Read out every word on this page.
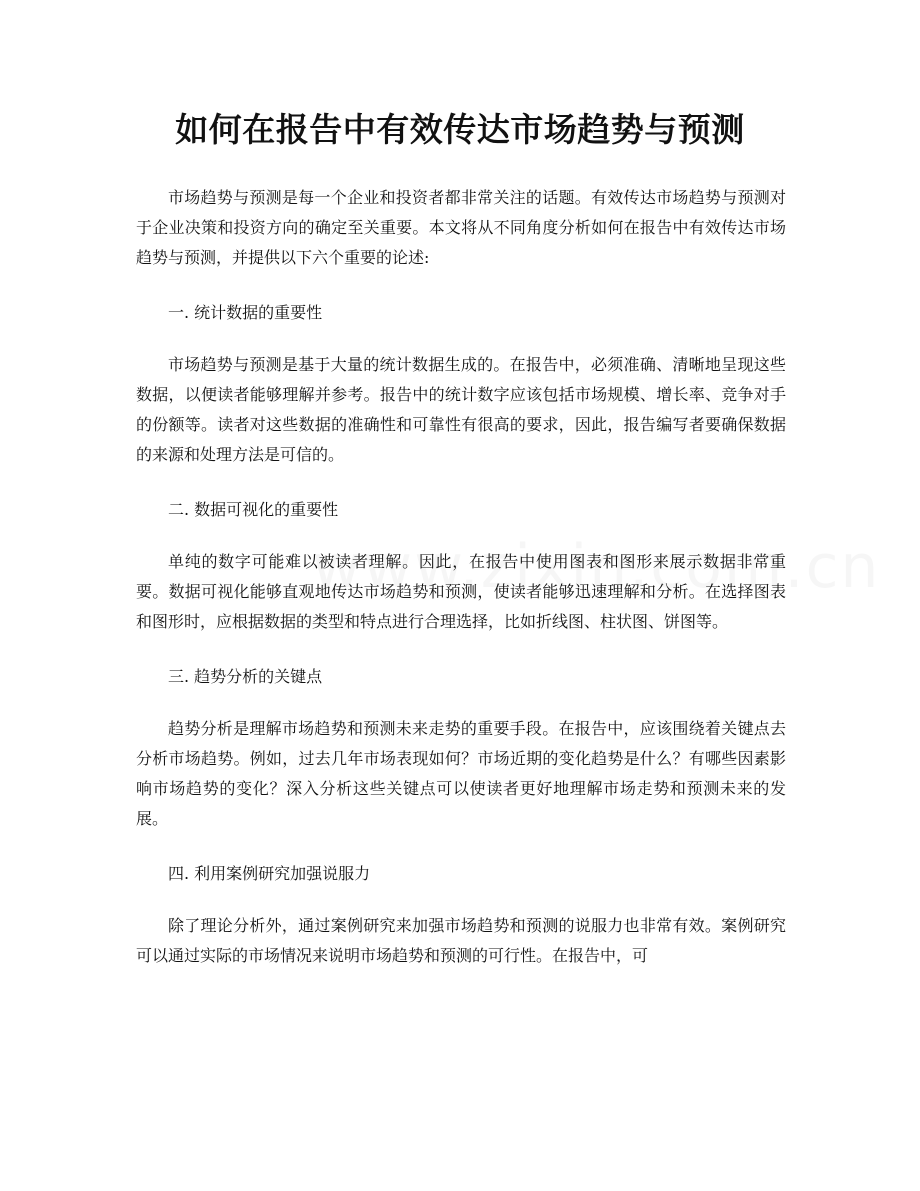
如何在报告中有效传达市场趋势与预测

市场趋势与预测是每一个企业和投资者都非常关注的话题。有效传达市场趋势与预测对于企业决策和投资方向的确定至关重要。本文将从不同角度分析如何在报告中有效传达市场趋势与预测，并提供以下六个重要的论述:

一. 统计数据的重要性

市场趋势与预测是基于大量的统计数据生成的。在报告中，必须准确、清晰地呈现这些数据，以便读者能够理解并参考。报告中的统计数字应该包括市场规模、增长率、竞争对手的份额等。读者对这些数据的准确性和可靠性有很高的要求，因此，报告编写者要确保数据的来源和处理方法是可信的。

二. 数据可视化的重要性

单纯的数字可能难以被读者理解。因此，在报告中使用图表和图形来展示数据非常重要。数据可视化能够直观地传达市场趋势和预测，使读者能够迅速理解和分析。在选择图表和图形时，应根据数据的类型和特点进行合理选择，比如折线图、柱状图、饼图等。

三. 趋势分析的关键点

趋势分析是理解市场趋势和预测未来走势的重要手段。在报告中，应该围绕着关键点去分析市场趋势。例如，过去几年市场表现如何？市场近期的变化趋势是什么？有哪些因素影响市场趋势的变化？深入分析这些关键点可以使读者更好地理解市场走势和预测未来的发展。

四. 利用案例研究加强说服力

除了理论分析外，通过案例研究来加强市场趋势和预测的说服力也非常有效。案例研究可以通过实际的市场情况来说明市场趋势和预测的可行性。在报告中，可
